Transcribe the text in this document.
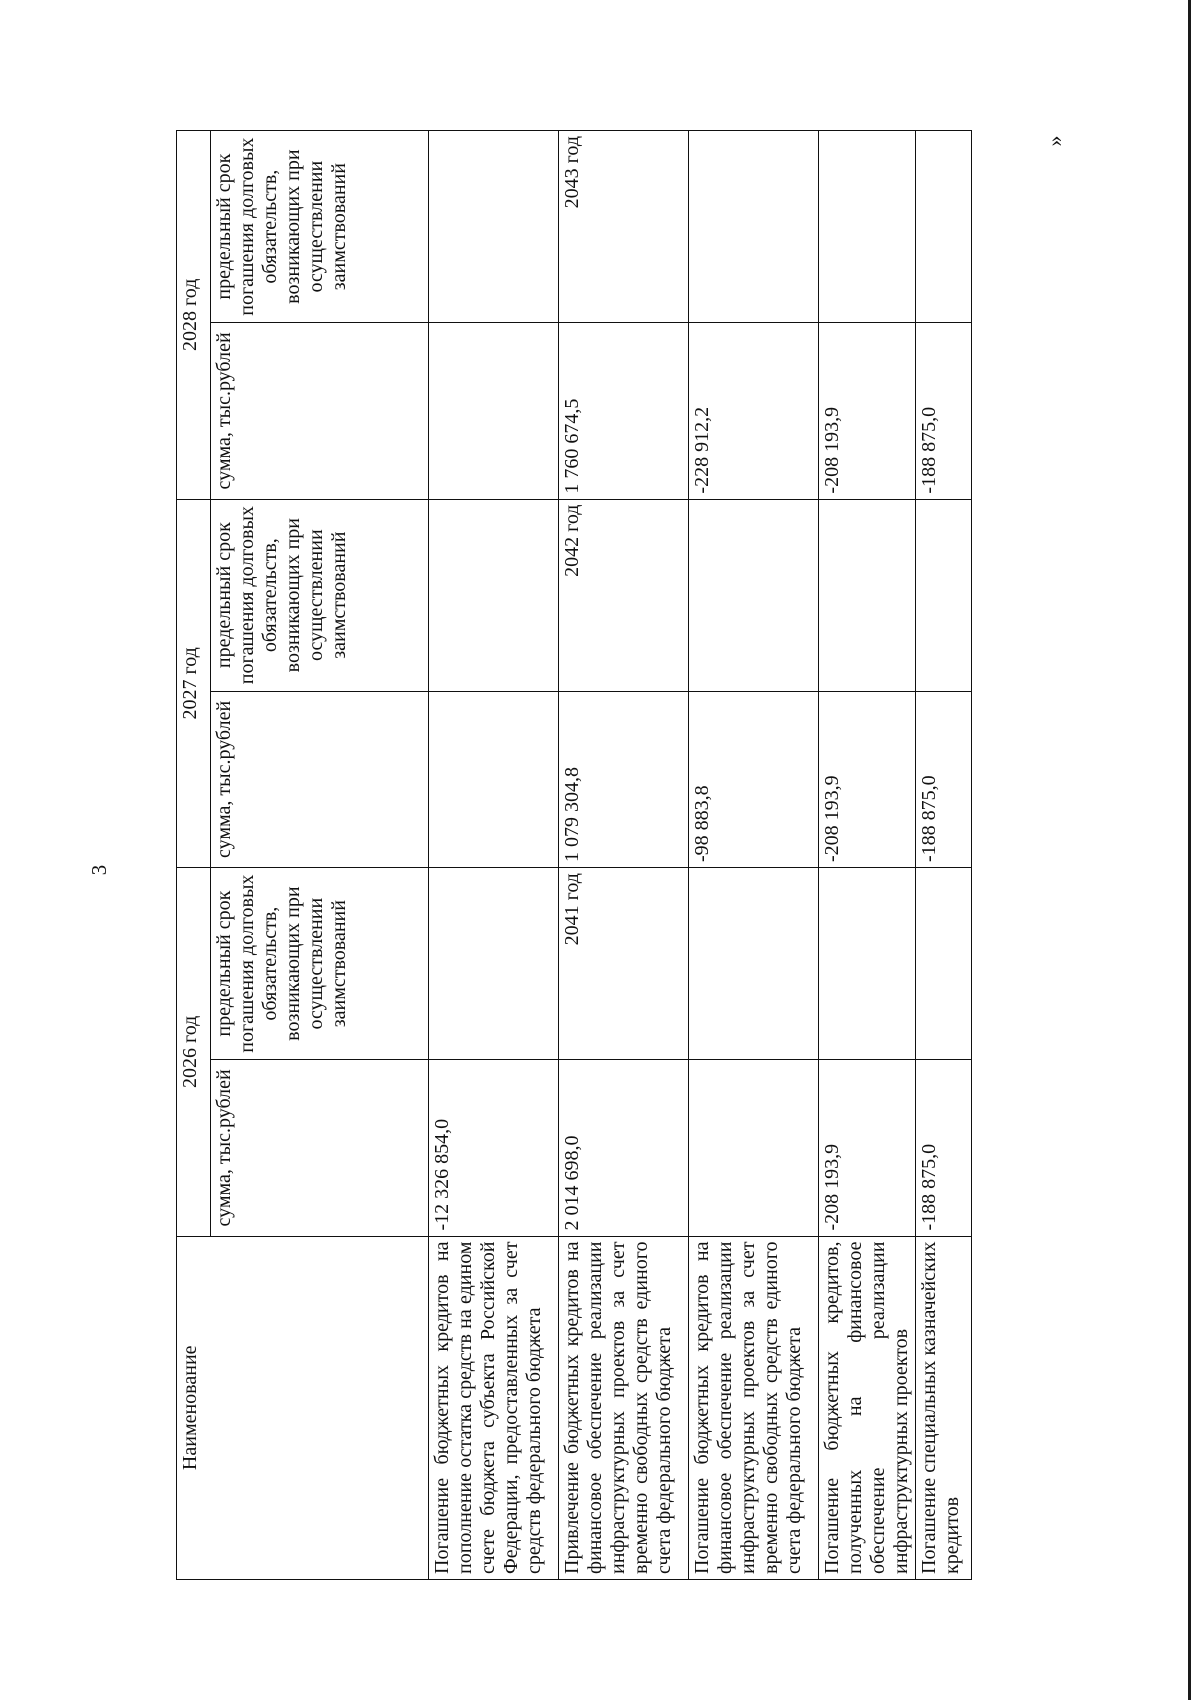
3
»
Наименование	2026 год		2027 год		2028 год	
	сумма, тыс.рублей	предельный срок погашения долговых обязательств, возникающих при осуществлении заимствований	сумма, тыс.рублей	предельный срок погашения долговых обязательств, возникающих при осуществлении заимствований	сумма, тыс.рублей	предельный срок погашения долговых обязательств, возникающих при осуществлении заимствований
Погашение бюджетных кредитов на пополнение остатка средств на едином счете бюджета субъекта Российской Федерации, предоставленных за счет средств федерального бюджета	-12 326 854,0					
Привлечение бюджетных кредитов на финансовое обеспечение реализации инфраструктурных проектов за счет временно свободных средств единого счета федерального бюджета	2 014 698,0	2041 год	1 079 304,8	2042 год	1 760 674,5	2043 год
Погашение бюджетных кредитов на финансовое обеспечение реализации инфраструктурных проектов за счет временно свободных средств единого счета федерального бюджета			-98 883,8		-228 912,2	
Погашение бюджетных кредитов, полученных на финансовое обеспечение реализации инфраструктурных проектов	-208 193,9		-208 193,9		-208 193,9	
Погашение специальных казначейских кредитов	-188 875,0		-188 875,0		-188 875,0	
